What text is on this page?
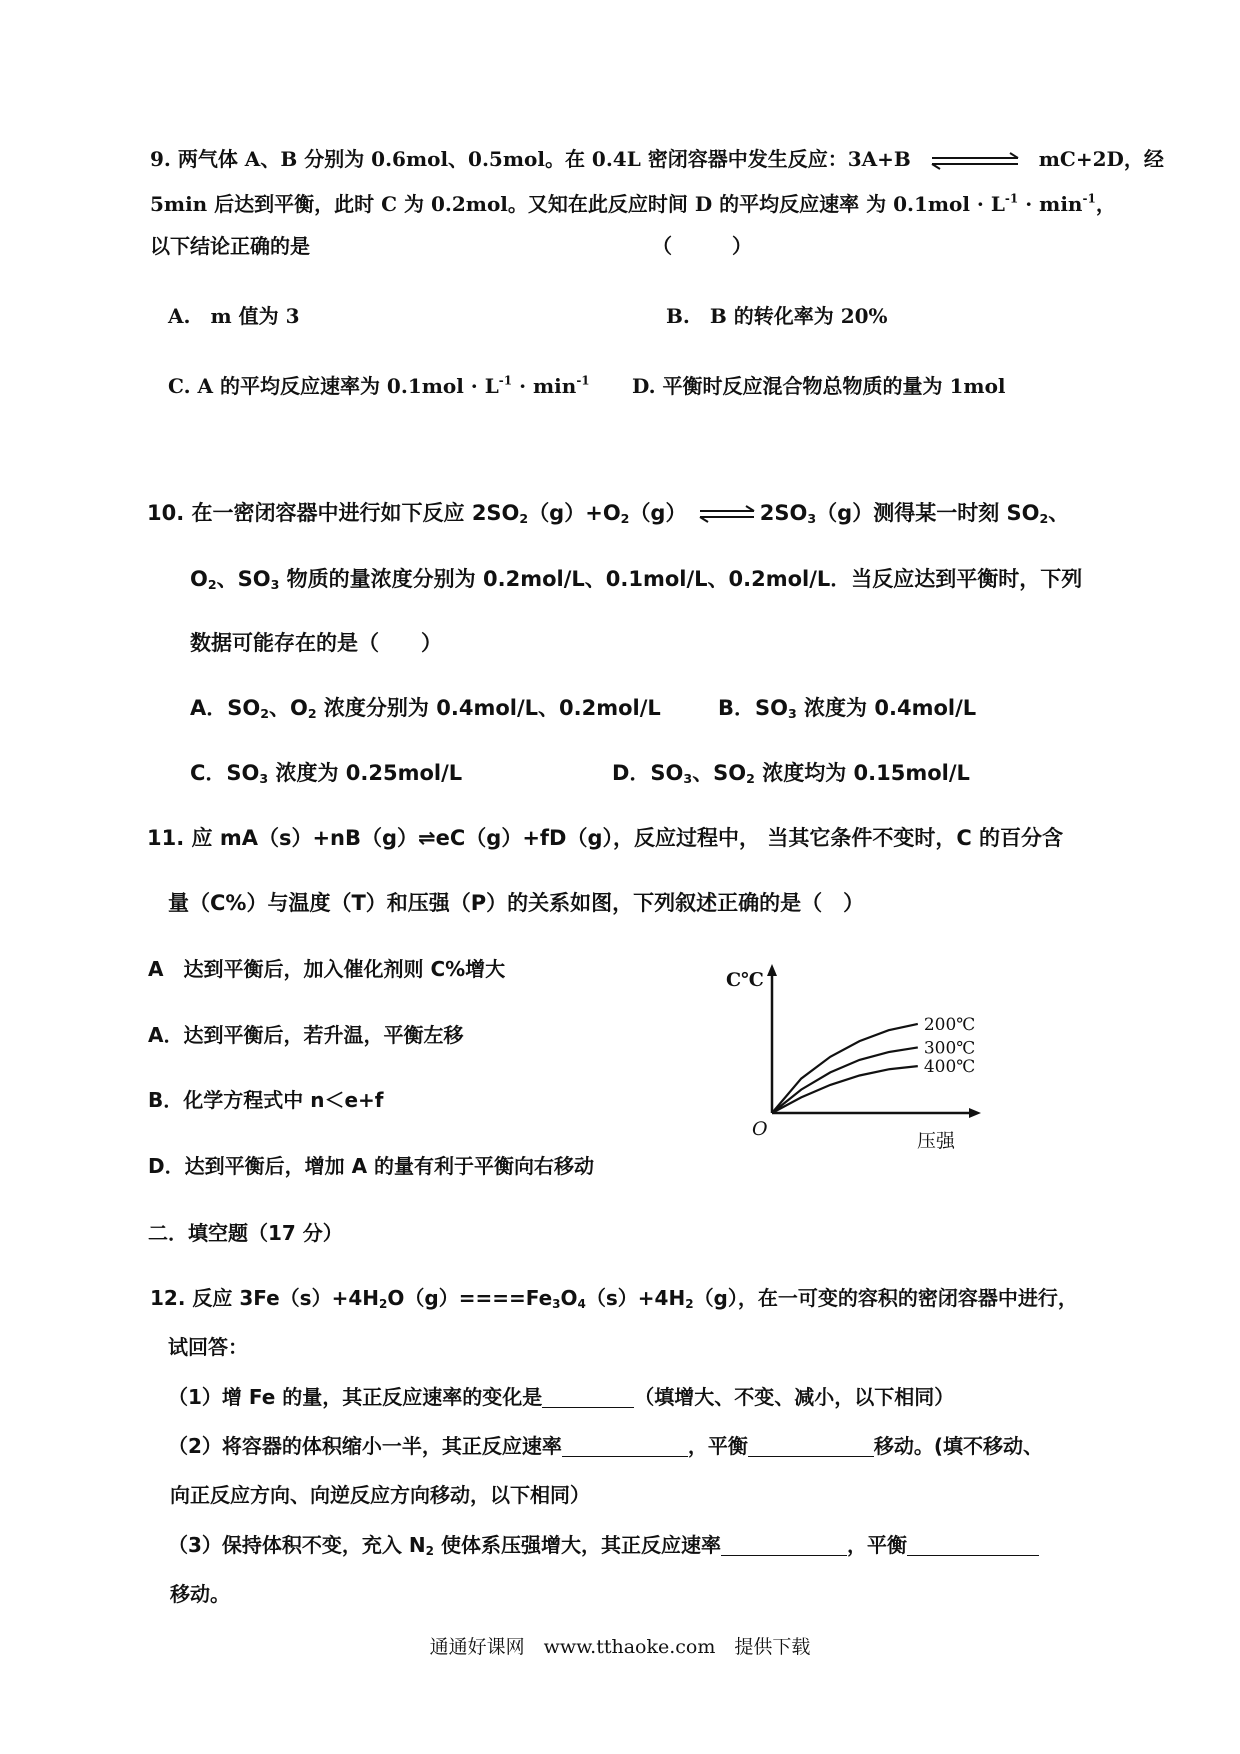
9. 两气体 A、B 分别为 0.6mol、0.5mol。在 0.4L 密闭容器中发生反应：3A+B	mC+2D，经
5min 后达到平衡，此时 C 为 0.2mol。又知在此反应时间 D 的平均反应速率 为 $0.1mol \cdot L^{-1} \cdot \min^{-1}$，
以下结论正确的是	（　　　）
A.　m 值为 3	B.　B 的转化率为 20%
C. A 的平均反应速率为 $0.1mol \cdot L^{-1} \cdot \min^{-1} D$. 平衡时反应混合物总物质的量为 1mol
10. 在一密闭容器中进行如下反应 $2SO_2(g)+O_2(g)$ ⇌ $2SO_3(g)$测得某一时刻 $SO_2$、
$O_2$、$SO_3$ 物质的量浓度分别为 0.2mol/L、0.1mol/L、0.2mol/L．当反应达到平衡时，下列
数据可能存在的是（　　）
A．$SO_2$、$O_2$ 浓度分别为 0.4mol/L、0.2mol/L	B．$SO_3$ 浓度为 0.4mol/L
C．$SO_3$ 浓度为 0.25mol/L	D．$SO_3$、$SO_2$ 浓度均为 0.15mol/L
11. 应 mA（s）+nB（g）⇌eC（g）+fD（g），反应过程中， 当其它条件不变时，C 的百分含
量（C%）与温度（T）和压强（P）的关系如图，下列叙述正确的是（　）
A　达到平衡后，加入催化剂则 C%增大
A．达到平衡后，若升温，平衡左移
B．化学方程式中 n＜e+f
D．达到平衡后，增加 A 的量有利于平衡向右移动
C℃
压强
O
200℃
300℃
400℃
二．填空题（17 分）
12. 反应 $3Fe(s)+4H_2O(g)====Fe_3O_4(s)+4H_2(g)$，在一可变的容积的密闭容器中进行，
试回答：
（1）增 Fe 的量，其正反应速率的变化是	（填增大、不变、减小，以下相同）
（2）将容器的体积缩小一半，其正反应速率	，平衡	移动。(填不移动、
向正反应方向、向逆反应方向移动，以下相同）
（3）保持体积不变，充入 $N_2$ 使体系压强增大，其正反应速率	，平衡
移动。
通通好课网　www.tthaoke.com　提供下载
